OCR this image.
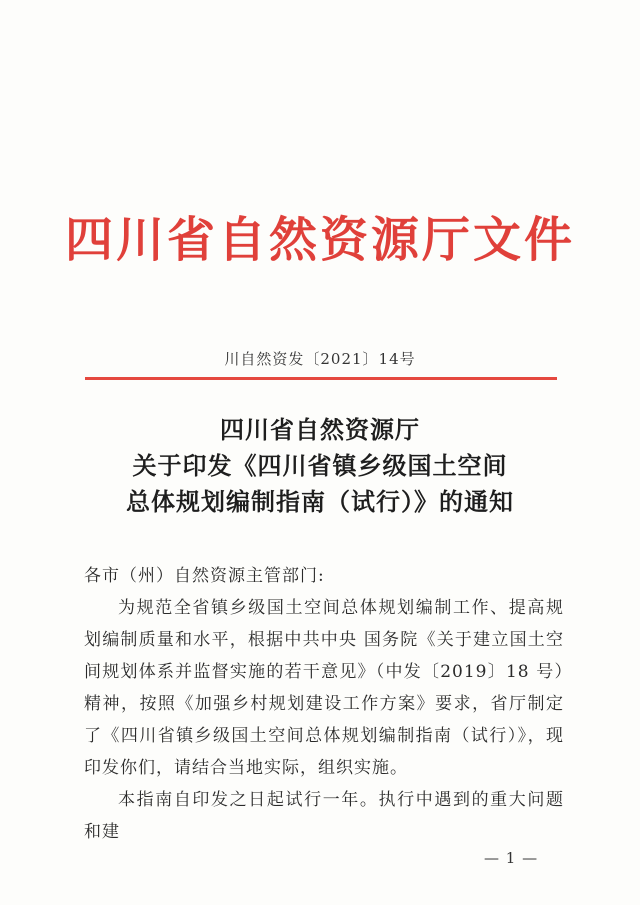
四川省自然资源厅文件
川自然资发〔2021〕14号
四川省自然资源厅
关于印发《四川省镇乡级国土空间
总体规划编制指南（试行）》的通知

各市（州）自然资源主管部门:

为规范全省镇乡级国土空间总体规划编制工作、提高规划编制质量和水平，根据中共中央 国务院《关于建立国土空间规划体系并监督实施的若干意见》（中发〔2019〕18 号）精神，按照《加强乡村规划建设工作方案》要求，省厅制定了《四川省镇乡级国土空间总体规划编制指南（试行）》，现印发你们，请结合当地实际，组织实施。

本指南自印发之日起试行一年。执行中遇到的重大问题和建

— 1 —
